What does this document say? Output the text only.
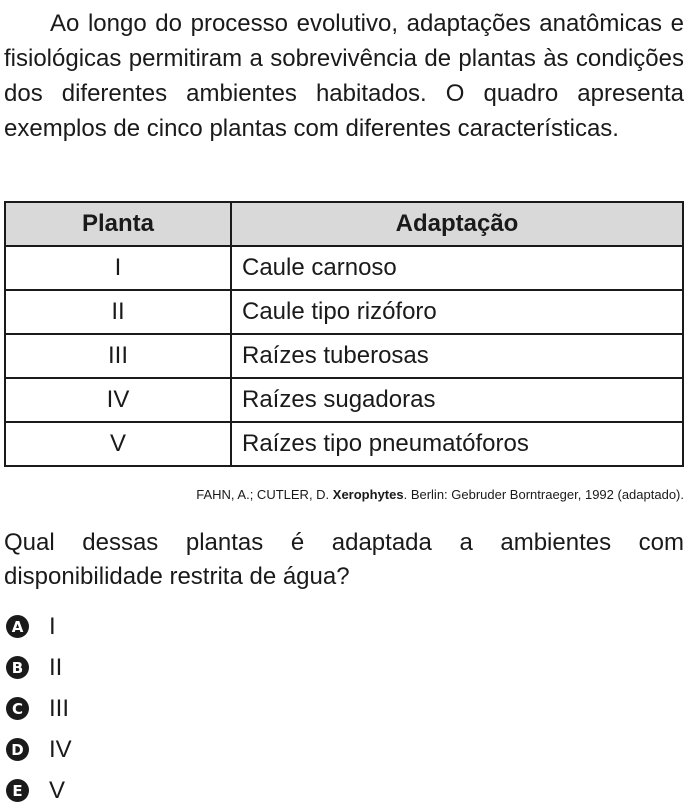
Ao longo do processo evolutivo, adaptações anatômicas e fisiológicas permitiram a sobrevivência de plantas às condições dos diferentes ambientes habitados. O quadro apresenta exemplos de cinco plantas com diferentes características.

Planta	Adaptação
I	Caule carnoso
II	Caule tipo rizóforo
III	Raízes tuberosas
IV	Raízes sugadoras
V	Raízes tipo pneumatóforos

FAHN, A.; CUTLER, D. Xerophytes. Berlin: Gebruder Borntraeger, 1992 (adaptado).

Qual dessas plantas é adaptada a ambientes com disponibilidade restrita de água?

A I
B II
C III
D IV
E V
